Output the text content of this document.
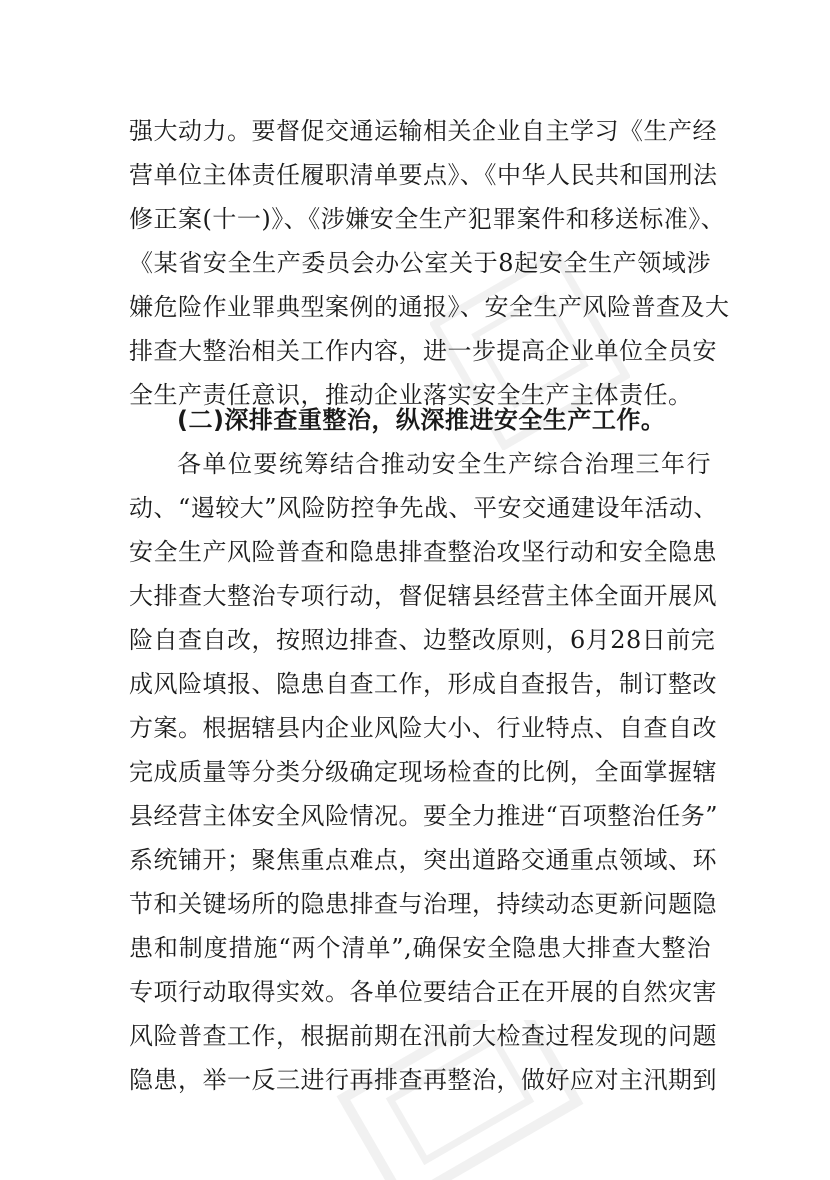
强大动力。要督促交通运输相关企业自主学习《生产经
营单位主体责任履职清单要点》、《中华人民共和国刑法
修正案(十一)》、《涉嫌安全生产犯罪案件和移送标准》、
《某省安全生产委员会办公室关于8起安全生产领域涉
嫌危险作业罪典型案例的通报》、安全生产风险普查及大
排查大整治相关工作内容，进一步提高企业单位全员安
全生产责任意识，推动企业落实安全生产主体责任。
(二)深排查重整治，纵深推进安全生产工作。
各单位要统筹结合推动安全生产综合治理三年行
动、“遏较大”风险防控争先战、平安交通建设年活动、
安全生产风险普查和隐患排查整治攻坚行动和安全隐患
大排查大整治专项行动，督促辖县经营主体全面开展风
险自查自改，按照边排查、边整改原则，6月28日前完
成风险填报、隐患自查工作，形成自查报告，制订整改
方案。根据辖县内企业风险大小、行业特点、自查自改
完成质量等分类分级确定现场检查的比例，全面掌握辖
县经营主体安全风险情况。要全力推进“百项整治任务”
系统铺开；聚焦重点难点，突出道路交通重点领域、环
节和关键场所的隐患排查与治理，持续动态更新问题隐
患和制度措施“两个清单”,确保安全隐患大排查大整治
专项行动取得实效。各单位要结合正在开展的自然灾害
风险普查工作，根据前期在汛前大检查过程发现的问题
隐患，举一反三进行再排查再整治，做好应对主汛期到
